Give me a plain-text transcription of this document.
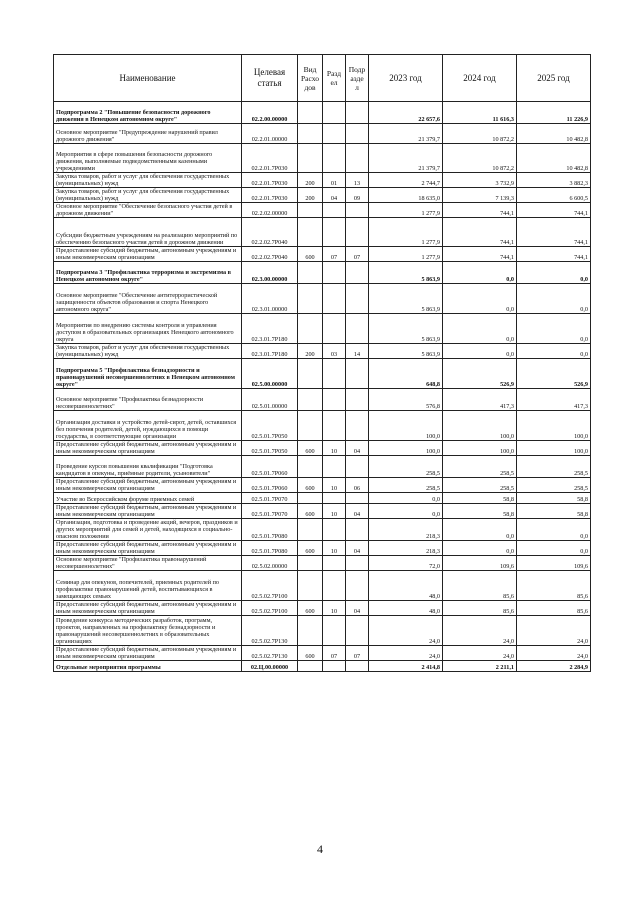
Наименование	Целевая статья	Вид Расхо дов	Разд ел	Подр азде л	2023 год	2024 год	2025 год
Подпрограмма 2 "Повышение безопасности дорожного движения в Ненецком автономном округе"	02.2.00.00000				22 657,6	11 616,3	11 226,9
Основное мероприятие "Предупреждение нарушений правил дорожного движения"	02.2.01.00000				21 379,7	10 872,2	10 482,8
Мероприятия в сфере повышения безопасности дорожного движения, выполняемые подведомственными казенными учреждениями	02.2.01.7Р030				21 379,7	10 872,2	10 482,8
Закупка товаров, работ и услуг для обеспечения государственных (муниципальных) нужд	02.2.01.7Р030	200	01	13	2 744,7	3 732,9	3 882,3
Закупка товаров, работ и услуг для обеспечения государственных (муниципальных) нужд	02.2.01.7Р030	200	04	09	18 635,0	7 139,3	6 600,5
Основное мероприятие "Обеспечение безопасного участия детей в дорожном движении"	02.2.02.00000				1 277,9	744,1	744,1
Субсидии бюджетным учреждениям на реализацию мероприятий по обеспечению безопасного участия детей в дорожном движении	02.2.02.7Р040				1 277,9	744,1	744,1
Предоставление субсидий бюджетным, автономным учреждениям и иным некоммерческим организациям	02.2.02.7Р040	600	07	07	1 277,9	744,1	744,1
Подпрограмма 3 "Профилактика терроризма и экстремизма в Ненецком автономном округе"	02.3.00.00000				5 863,9	0,0	0,0
Основное мероприятие "Обеспечение антитеррористической защищенности объектов образования и спорта Ненецкого автономного округа"	02.3.01.00000				5 863,9	0,0	0,0
Мероприятия по внедрению системы контроля и управления доступом в образовательных организациях Ненецкого автономного округа	02.3.01.7Р180				5 863,9	0,0	0,0
Закупка товаров, работ и услуг для обеспечения государственных (муниципальных) нужд	02.3.01.7Р180	200	03	14	5 863,9	0,0	0,0
Подпрограмма 5 "Профилактика безнадзорности и правонарушений несовершеннолетних в Ненецком автономном округе"	02.5.00.00000				648,8	526,9	526,9
Основное мероприятие "Профилактика безнадзорности несовершеннолетних"	02.5.01.00000				576,8	417,3	417,3
Организация доставки и устройство детей-сирот, детей, оставшихся без попечения родителей, детей, нуждающихся в помощи государства, в соответствующие организации	02.5.01.7Р050				100,0	100,0	100,0
Предоставление субсидий бюджетным, автономным учреждениям и иным некоммерческим организациям	02.5.01.7Р050	600	10	04	100,0	100,0	100,0
Проведение курсов повышения квалификации "Подготовка кандидатов в опекуны, приёмные родители, усыновители"	02.5.01.7Р060				258,5	258,5	258,5
Предоставление субсидий бюджетным, автономным учреждениям и иным некоммерческим организациям	02.5.01.7Р060	600	10	06	258,5	258,5	258,5
Участие во Всероссийском форуме приемных семей	02.5.01.7Р070				0,0	58,8	58,8
Предоставление субсидий бюджетным, автономным учреждениям и иным некоммерческим организациям	02.5.01.7Р070	600	10	04	0,0	58,8	58,8
Организация, подготовка и проведение акций, вечеров, праздников и других мероприятий для семей и детей, находящихся в социально-опасном положении	02.5.01.7Р080				218,3	0,0	0,0
Предоставление субсидий бюджетным, автономным учреждениям и иным некоммерческим организациям	02.5.01.7Р080	600	10	04	218,3	0,0	0,0
Основное мероприятие "Профилактика правонарушений несовершеннолетних"	02.5.02.00000				72,0	109,6	109,6
Семинар для опекунов, попечителей, приемных родителей по профилактике правонарушений детей, воспитывающихся в замещающих семьях	02.5.02.7Р100				48,0	85,6	85,6
Предоставление субсидий бюджетным, автономным учреждениям и иным некоммерческим организациям	02.5.02.7Р100	600	10	04	48,0	85,6	85,6
Проведение конкурса методических разработок, программ, проектов, направленных на профилактику безнадзорности и правонарушений несовершеннолетних в образовательных организациях	02.5.02.7Р130				24,0	24,0	24,0
Предоставление субсидий бюджетным, автономным учреждениям и иным некоммерческим организациям	02.5.02.7Р130	600	07	07	24,0	24,0	24,0
Отдельные мероприятия программы	02.Ц.00.00000				2 414,8	2 211,1	2 284,9
4
